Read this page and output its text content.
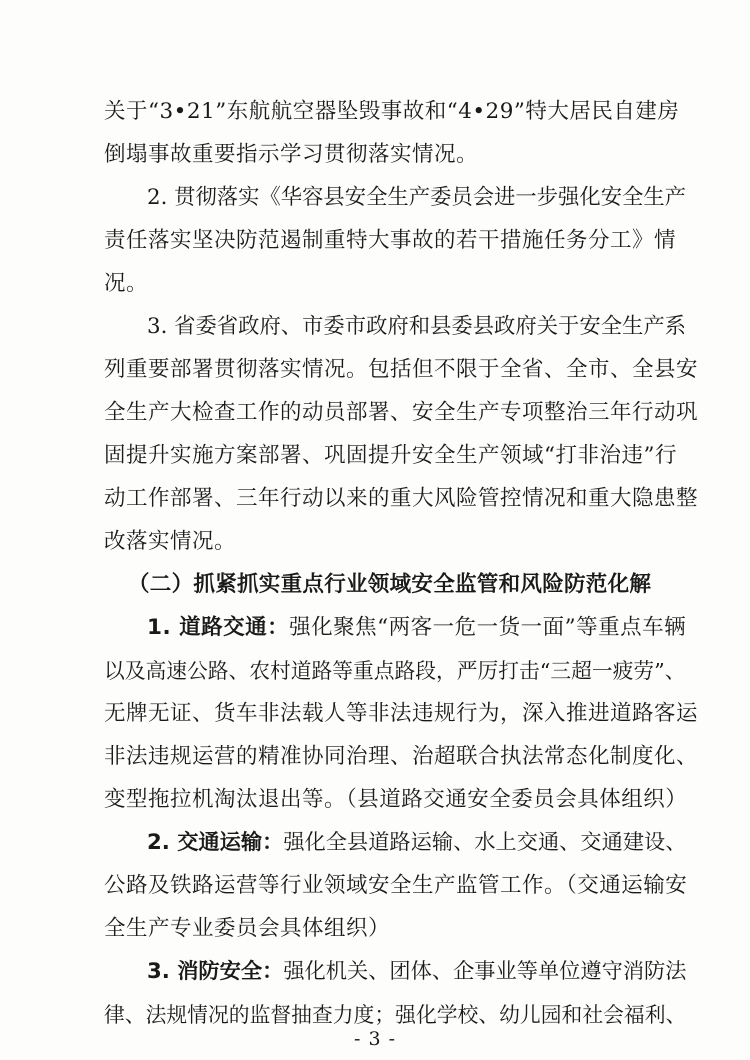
关于“3•21”东航航空器坠毁事故和“4•29”特大居民自建房
倒塌事故重要指示学习贯彻落实情况。
2. 贯彻落实《华容县安全生产委员会进一步强化安全生产
责任落实坚决防范遏制重特大事故的若干措施任务分工》情
况。
3. 省委省政府、市委市政府和县委县政府关于安全生产系
列重要部署贯彻落实情况。包括但不限于全省、全市、全县安
全生产大检查工作的动员部署、安全生产专项整治三年行动巩
固提升实施方案部署、巩固提升安全生产领域“打非治违”行
动工作部署、三年行动以来的重大风险管控情况和重大隐患整
改落实情况。
（二）抓紧抓实重点行业领域安全监管和风险防范化解
1. 道路交通：强化聚焦“两客一危一货一面”等重点车辆
以及高速公路、农村道路等重点路段，严厉打击“三超一疲劳”、
无牌无证、货车非法载人等非法违规行为，深入推进道路客运
非法违规运营的精准协同治理、治超联合执法常态化制度化、
变型拖拉机淘汰退出等。（县道路交通安全委员会具体组织）
2. 交通运输：强化全县道路运输、水上交通、交通建设、
公路及铁路运营等行业领域安全生产监管工作。（交通运输安
全生产专业委员会具体组织）
3. 消防安全：强化机关、团体、企事业等单位遵守消防法
律、法规情况的监督抽查力度；强化学校、幼儿园和社会福利、
- 3 -
